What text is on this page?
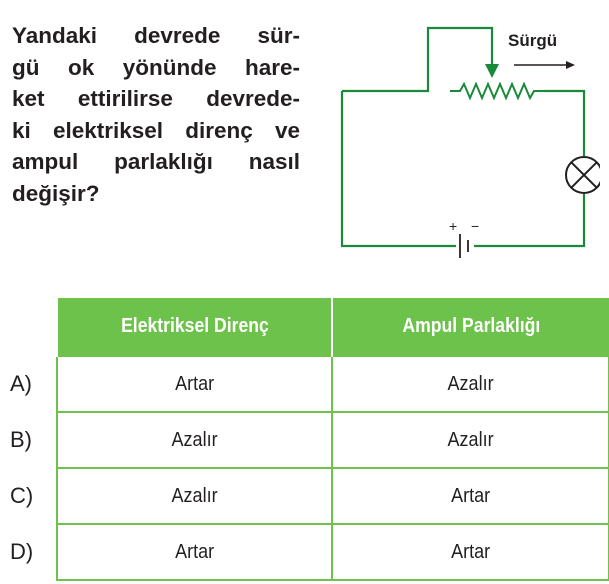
Yandaki devrede sür-
gü ok yönünde hare-
ket ettirilirse devrede-
ki elektriksel direnç ve
ampul parlaklığı nasıl
değişir?

Sürgü
+ −
	Elektriksel Direnç	Ampul Parlaklığı
A)	Artar	Azalır
B)	Azalır	Azalır
C)	Azalır	Artar
D)	Artar	Artar
